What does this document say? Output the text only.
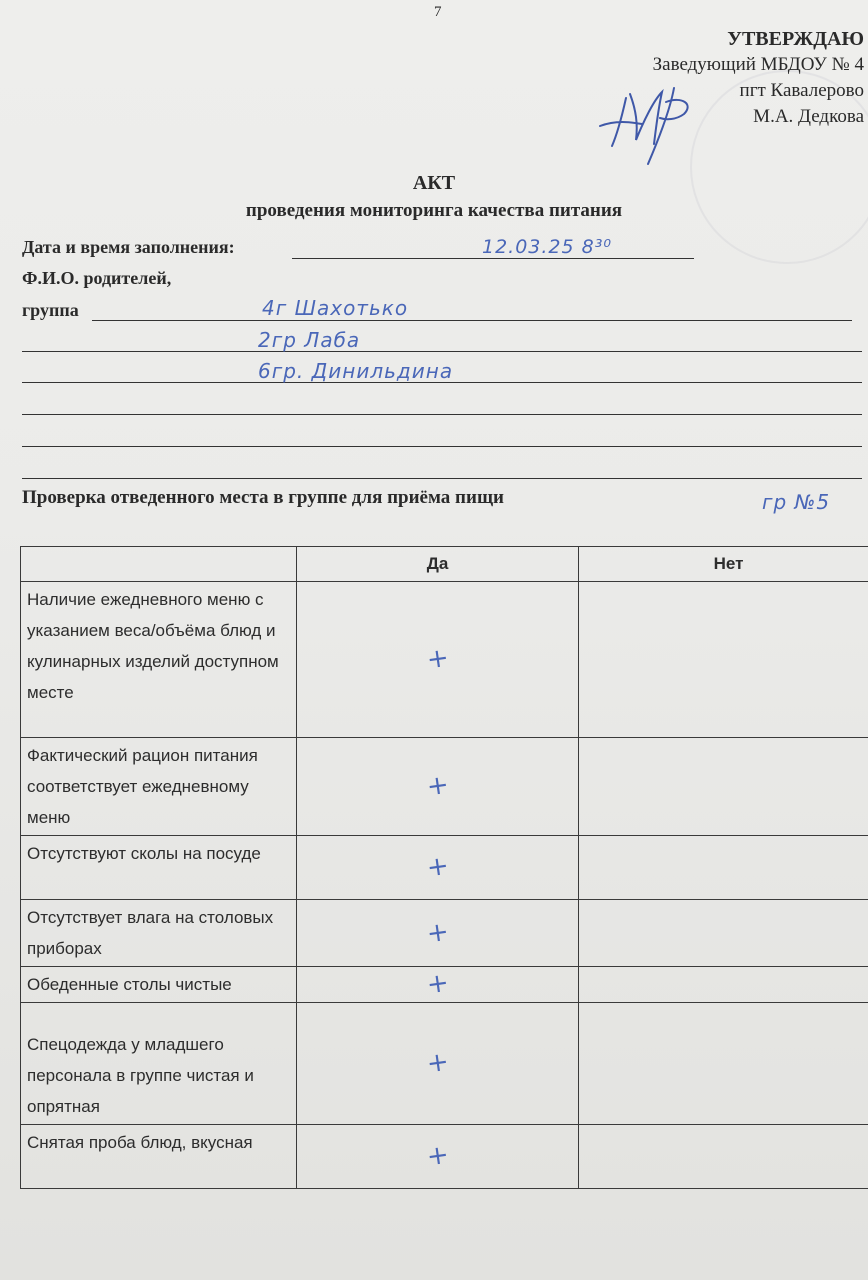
7
УТВЕРЖДАЮ
Заведующий МБДОУ № 4
пгт Кавалерово
М.А. Дедкова
АКТ
проведения мониторинга качества питания
Дата и время заполнения:	12.03.25 8³⁰
Ф.И.О. родителей,
группа	4г Шахотько
2гр Лаба
6гр. Динильдина
Проверка отведенного места в группе для приёма пищи	гр №5
	Да	Нет
Наличие ежедневного меню с указанием веса/объёма блюд и кулинарных изделий доступном месте	+	
Фактический рацион питания соответствует ежедневному меню	+	
Отсутствуют сколы на посуде	+	
Отсутствует влага на столовых приборах	+	
Обеденные столы чистые	+	
Спецодежда у младшего персонала в группе чистая и опрятная	+	
Снятая проба блюд, вкусная	+	
